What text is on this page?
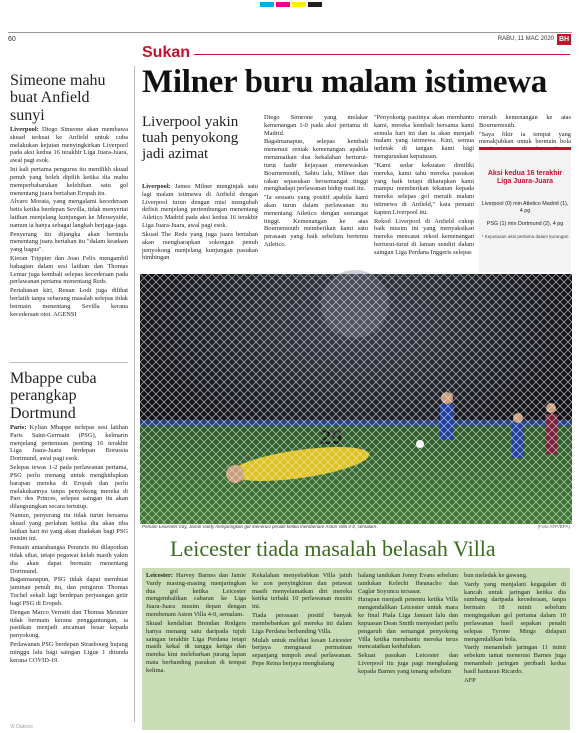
60	RABU, 11 MAC 2020 BH
Sukan
Milner buru malam istimewa
Simeone mahu buat Anfield sunyi

Liverpool: Diego Simeone akan membawa skuad terkuat ke Anfield untuk cuba melakukan kejutan menyingkirkan Liverpool pada aksi kedua 16 terakhir Liga Juara-Juara, awal pagi esok.

Ini kali pertama pengurus itu menilikh skuad penuh yang boleh dipilih ketika dia mahu memperbaharukan kelebihan satu gol menentang juara bertahan Eropah itu.

Alvaro Morata, yang mengalami kecederaan betis ketika berdepan Sevilla, tidak menyertai latihan menjelang kunjungan ke Merseyside, namun ia hanya sebagai langkah berjaga-jaga.

Penyerang itu dijangka akan bermula menentang juara bertahan itu "dalam keadaan yang bagus".

Kieran Trippier dan Joao Felix mengambil bahagian dalam sesi latihan dan Thomas Lemar juga kembali selepas kecederaan pada perlawanan pertama menentang Reds.

Pertahanan kiri, Renan Lodi juga dilihat berlatih tanpa sebarang masalah selepas tidak bermain menentang Sevilla kerana kecederaan otot. AGENSI

Mbappe cuba perangkap Dortmund

Paris: Kylian Mbappe terlepas sesi latihan Paris Saint-Germain (PSG), kelmarin menjelang pertemuan penting 16 terakhir Liga Juara-Juara berdepan Borussia Dortmund, awal pagi esok.

Selepas tewas 1-2 pada perlawanan pertama, PSG perlu menang untuk menghidupkan harapan mereka di Eropah dan perlu melakukannya tanpa penyokong mereka di Parc des Princes, selepas saingan itu akan dilangsungkan secara tertutup.

Namun, penyerang itu tidak turun bersama skuad yang perlahan ketika dia akan tiba latihan hari ini yang akan diadakan bagi PSG musim ini.

Pemain antarabangsa Perancis itu dilaporkan tidak sihat, tetapi pegawai kelab masih yakin dia akan dapat bermain menentang Dortmund.

Bagaimanapun, PSG tidak dapat membuat jaminan penuh itu, dan pengurus Thomas Tuchel sekali lagi berdepan perjuangan getir bagi PSG di Eropah.

Dengan Marco Verratti dan Thomas Meunier tidak bermain kerana penggantungan, ia pastikan menjadi ancaman besar kepada penyokong.

Perlawanan PSG berdepan Strasbourg hujung minggu lalu bagi saingan Ligue 1 ditunda kerana COVID-19.

Liverpool yakin tuah penyokong jadi azimat

Liverpool: James Milner menginjak satu lagi malam istimewa di Anfield dengan Liverpool turun dengan misi mengubah defisit menjelang pertembungan menentang Atletico Madrid pada aksi kedua 16 terakhir Liga Juara-Juara, awal pagi esok.

Skuad The Reds yang juga juara bertahan akan mengharapkan sokongan penuh penyokong menjelang kunjungan pasukan bimbingan

Diego Simeone yang melakar kemenangan 1-0 pada aksi pertama di Madrid.

Bagaimanapun, selepas kembali menemui rentak kemenangan apabila menamatkan dua kekalahan berturut-turut hadir kejayaan menewaskan Bournemouth, Sabtu lalu, Milner dan rakan sepasukan bersemangat tinggi menghadapi perlawanan hidup mati itu.

"Ia sesuatu yang positif apabila kami akan turun dalam perlawanan itu menentang Atletico dengan semangat tinggi. Kemenangan ke atas Bournemouth memberikan kami satu perasaan yang baik sebelum bertemu Atletico.

"Penyokong pastinya akan membantu kami, mereka kembali bersama kami semula hari ini dan ia akan menjadi malam yang istimewa. Kini, semua terletak di tangan kami bagi menguruskan keputusan.

"Kami sedar kekuatan dimiliki mereka, kami tahu mereka pasukan yang baik tetapi diharapkan kami mampu memberikan tekanan kepada mereka selepas gol meraih malam istimewa di Anfield," kata pemain kapten Liverpool itu.

Rekod Liverpool di Anfield cukup baik musim ini yang menyaksikan mereka mencatat rekod kemenangan berturut-turut di laman sendiri dalam saingan Liga Perdana Inggeris selepas

meraih kemenangan ke atas Bournemouth.

"Saya fikir ia tempat yang menakjubkan untuk bermain bola

Aksi kedua 16 terakhir Liga Juara-Juara
Liverpool (0) min Atletico Madrid (1), 4 pg
PSG (1) min Dortmund (2), 4 pg
* Keputusan aksi pertama dalam kurungan
Pemain Leicester City, Jamie Vardy menjaringkan gol menerusi penalti ketika membenam Aston Villa 4-0, semalam.	(Foto AFP/EPA)
Leicester tiada masalah belasah Villa

Leicester: Harvey Barnes dan Jamie Vardy masing-masing menjaringkan dua gol ketika Leicester mengembalikan cabaran ke Liga Juara-Juara musim depan dengan membenam Aston Villa 4-0, semalam.

Skuad kendalian Brendan Rodgers hanya menang satu daripada tujuh saingan terakhir Liga Perdana tetapi masih kekal di tangga ketiga dan mereka kini melebarkan jurang lapan mata berbanding pasukan di tempat kelima.

Kekalahan menyebabkan Villa jatuh ke zon penyingkiran dan petawat masih menyelamatkan diri mereka ketika terbaki 10 perlawanan musim ini.

Tiada perasaan positif banyak membebankan gol mereka ini dalam Liga Perdana berbanding Villa.

Mulah untuk melihat kesan Leicester berjaya menguasai permainan sepanjang tempoh awal perlawanan. Pepe Reina berjaya menghalang

halang tandukan Jonny Evans sebelum tandukan Kelechi Iheanacho dan Caglar Soyuncu tersasar.

Harapan menjadi penentu ketika Villa mengendalikan Leicester untuk mara ke final Piala Liga Januari lalu dan kepuasan Dean Smith menyedari perlu pengaruh dan semangat penyokong Villa ketika membantu mereka terus mencatatkan kedudukan.

Sekuat pasukan Leicester dan Liverpool itu juga pagi menghalang kepada Barnes yang tenang sebelum

bun meledak ke gawang.

Vardy yang menjalani kegagalan di kancah untuk jaringan ketika dia sumbang daripada kecederaan, tanpa bermain 18 minit sebelum mengingatkan gol pertama dalam 10 perlawanan hasil sepakan penalti selepas Tyrone Mings didapati mengendalikan bola.

Vardy menambah jaringan 11 minit sebelum tamat menerusi Barnes juga menambah jaringan peribadi kedua hasil hantaran Ricardo.

AFP

Vr.Oakvox
